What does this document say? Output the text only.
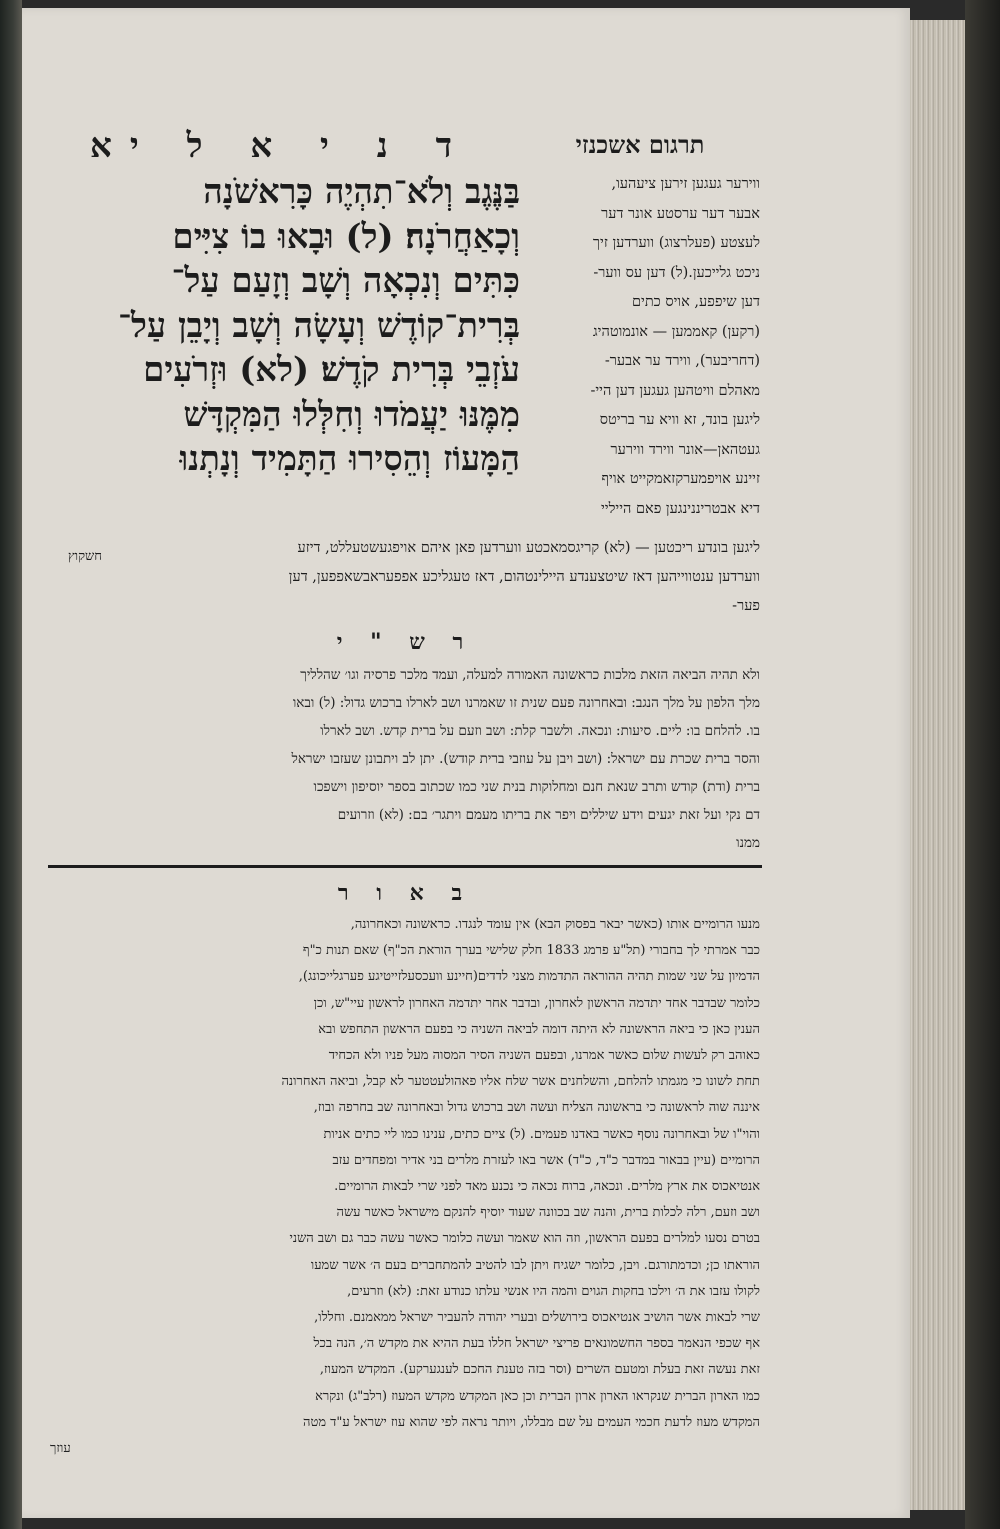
תרגום אשכנזי
ד נ י א ל יא
ווירער געגען זירען ציעהעו,
אבער דער ערסטע אונר דער
לעצטע (פעלרצוג) ווערדען זיך
ניכט גלייכען.(ל) דען עס ווער-
דען שיפפע, אויס כתים
(רקען) קאממען — אונמוטהיג
(דחריבער), ווירד ער אבער-
מאהלם וויטהען געגען דען היי-
ליגען בונד, זא וויא ער בריטס
געטהאן—אונר ווירד ווירער
זיינע אויפמערקזאמקייט אויף
דיא אבטריננינגען פאם הייליי
בַּנֶּגֶב וְלֹא־תִהְיֶה כָּרִאשֹׁנָה
וְכָאַחֲרֹנָה׃ (ל) וּבָאוּ בוֹ צִיִּים
כִּתִּים וְנִכְאָה וְשָׁב וְזָעַם עַל־
בְּרִית־קוֹדֶשׁ וְעָשָׂה וְשָׁב וְיָבֵן עַל־
עֹזְבֵי בְּרִית קֹדֶשׁ׃ (לא) וּזְרֹעִים
מִמֶּנּוּ יַעֲמֹדוּ וְחִלְּלוּ הַמִּקְדָּשׁ
הַמָּעוֹז וְהֵסִירוּ הַתָּמִיד וְנָתְנוּ
חשקוץ
ליגען בונדע ריכטען — (לא) קריגסמאכטע ווערדען פאן איהם אויפגעשטעללט, דיזע
ווערדען ענטווייהען דאז שיטצענדע היילינטהום, דאז טעגליכע אפפעראבשאפפען, דען
פער-
ר ש " י
ולא תהיה הביאה הזאת מלכות כראשונה האמורה למעלה, ועמד מלכר פרסיה וגו׳ שהלליך
מלך הלפון על מלך הנגב: ובאחרונה פעם שנית זו שאמרנו ושב לארלו ברכוש גדול: (ל) ובאו
בו. להלחם בו: ליים. סיעות: ונכאה. ולשבר קלת: ושב וזעם על ברית קדש. ושב לארלו
והסר ברית שכרת עם ישראל: (ושב ויבן על עוזבי ברית קודש). יתן לב ויתבונן שעזבו ישראל
ברית (ודת) קודש ותרב שנאת חנם ומחלוקות בנית שני כמו שכתוב בספר יוסיפון וישפכו
דם נקי ועל זאת יגעים וידע שיללים ויפר את בריתו מעמם ויתגר׳ בם: (לא) וזרועים
ממנו
ב א ו ר
מנעו הרומיים אותו (כאשר יבאר בפסוק הבא) אין עומד לנגדו. כראשונה וכאחרונה,
כבר אמרתי לך בחבורי (תל"ע פרמג 1833 חלק שלישי בערך הוראת הכ"ף) שאם תנות כ"ף
הדמיון על שני שמות תהיה ההוראה התדמות מצני לדדים(חיינע וועכסעלזייטיגע פערגלייכונג),
כלומר שבדבר אחד יתדמה הראשון לאחרון, ובדבר אחר יתדמה האחרון לראשון עיי"ש, וכן
הענין כאן כי ביאה הראשונה לא היתה דומה לביאה השניה כי בפעם הראשון התחפש ובא
כאוהב רק לעשות שלום כאשר אמרנו, ובפעם השניה הסיר המסוה מעל פניו ולא הכחיד
תחת לשונו כי מגמתו להלחם, והשלחנים אשר שלח אליו פאהולעטטער לא קבל, וביאה האחרונה
איננה שוה לראשונה כי בראשונה הצליח ועשה ושב ברכוש גדול ובאחרונה שב בחרפה ובוז,
והוי"ו של ובאחרונה נוסף כאשר באדנו פעמים. (ל) ציים כתים, ענינו כמו ליי כתים אניות
הרומיים (עיין בבאור במדבר כ"ד, כ"ד) אשר באו לעזרת מלרים בני אדיר ומפחדים עזב
אנטיאכוס את ארץ מלרים. ונכאה, ברוח נכאה כי נכנע מאד לפני שרי לבאות הרומיים.
ושב וזעם, רלה לכלות ברית, והנה שב בכוונה שעוד יוסיף להנקם מישראל כאשר עשה
בטרם נסעו למלרים בפעם הראשון, וזה הוא שאמר ועשה כלומר כאשר עשה כבר גם ושב השני
הוראתו כן; וכדמתורגם. ויבן, כלומר ישגיח ויתן לבו להטיב להמתחברים בעם ה׳ אשר שמעו
לקולו עזבו את ה׳ וילכו בחקות הגוים והמה היו אנשי עלתו כנודע זאת: (לא) וזרעים,
שרי לבאות אשר הושיב אנטיאכוס בירושלים ובערי יהודה להעביר ישראל ממאמנם. וחללו,
אף שכפי הנאמר בספר החשמונאים פריצי ישראל חללו בעת ההיא את מקדש ה׳, הנה בכל
זאת נעשה זאת בעלת ומטעם השרים (וסר בזה טענת החכם לענגערקע). המקדש המעוז,
כמו הארון הברית שנקראו הארון ארון הברית וכן כאן המקדש מקדש המעוז (רלב"ג) ונקרא
המקדש מעוז לדעת חכמי העמים על שם מבללו, ויותר נראה לפי שהוא עוז ישראל ע"ד מטה
עוזך
